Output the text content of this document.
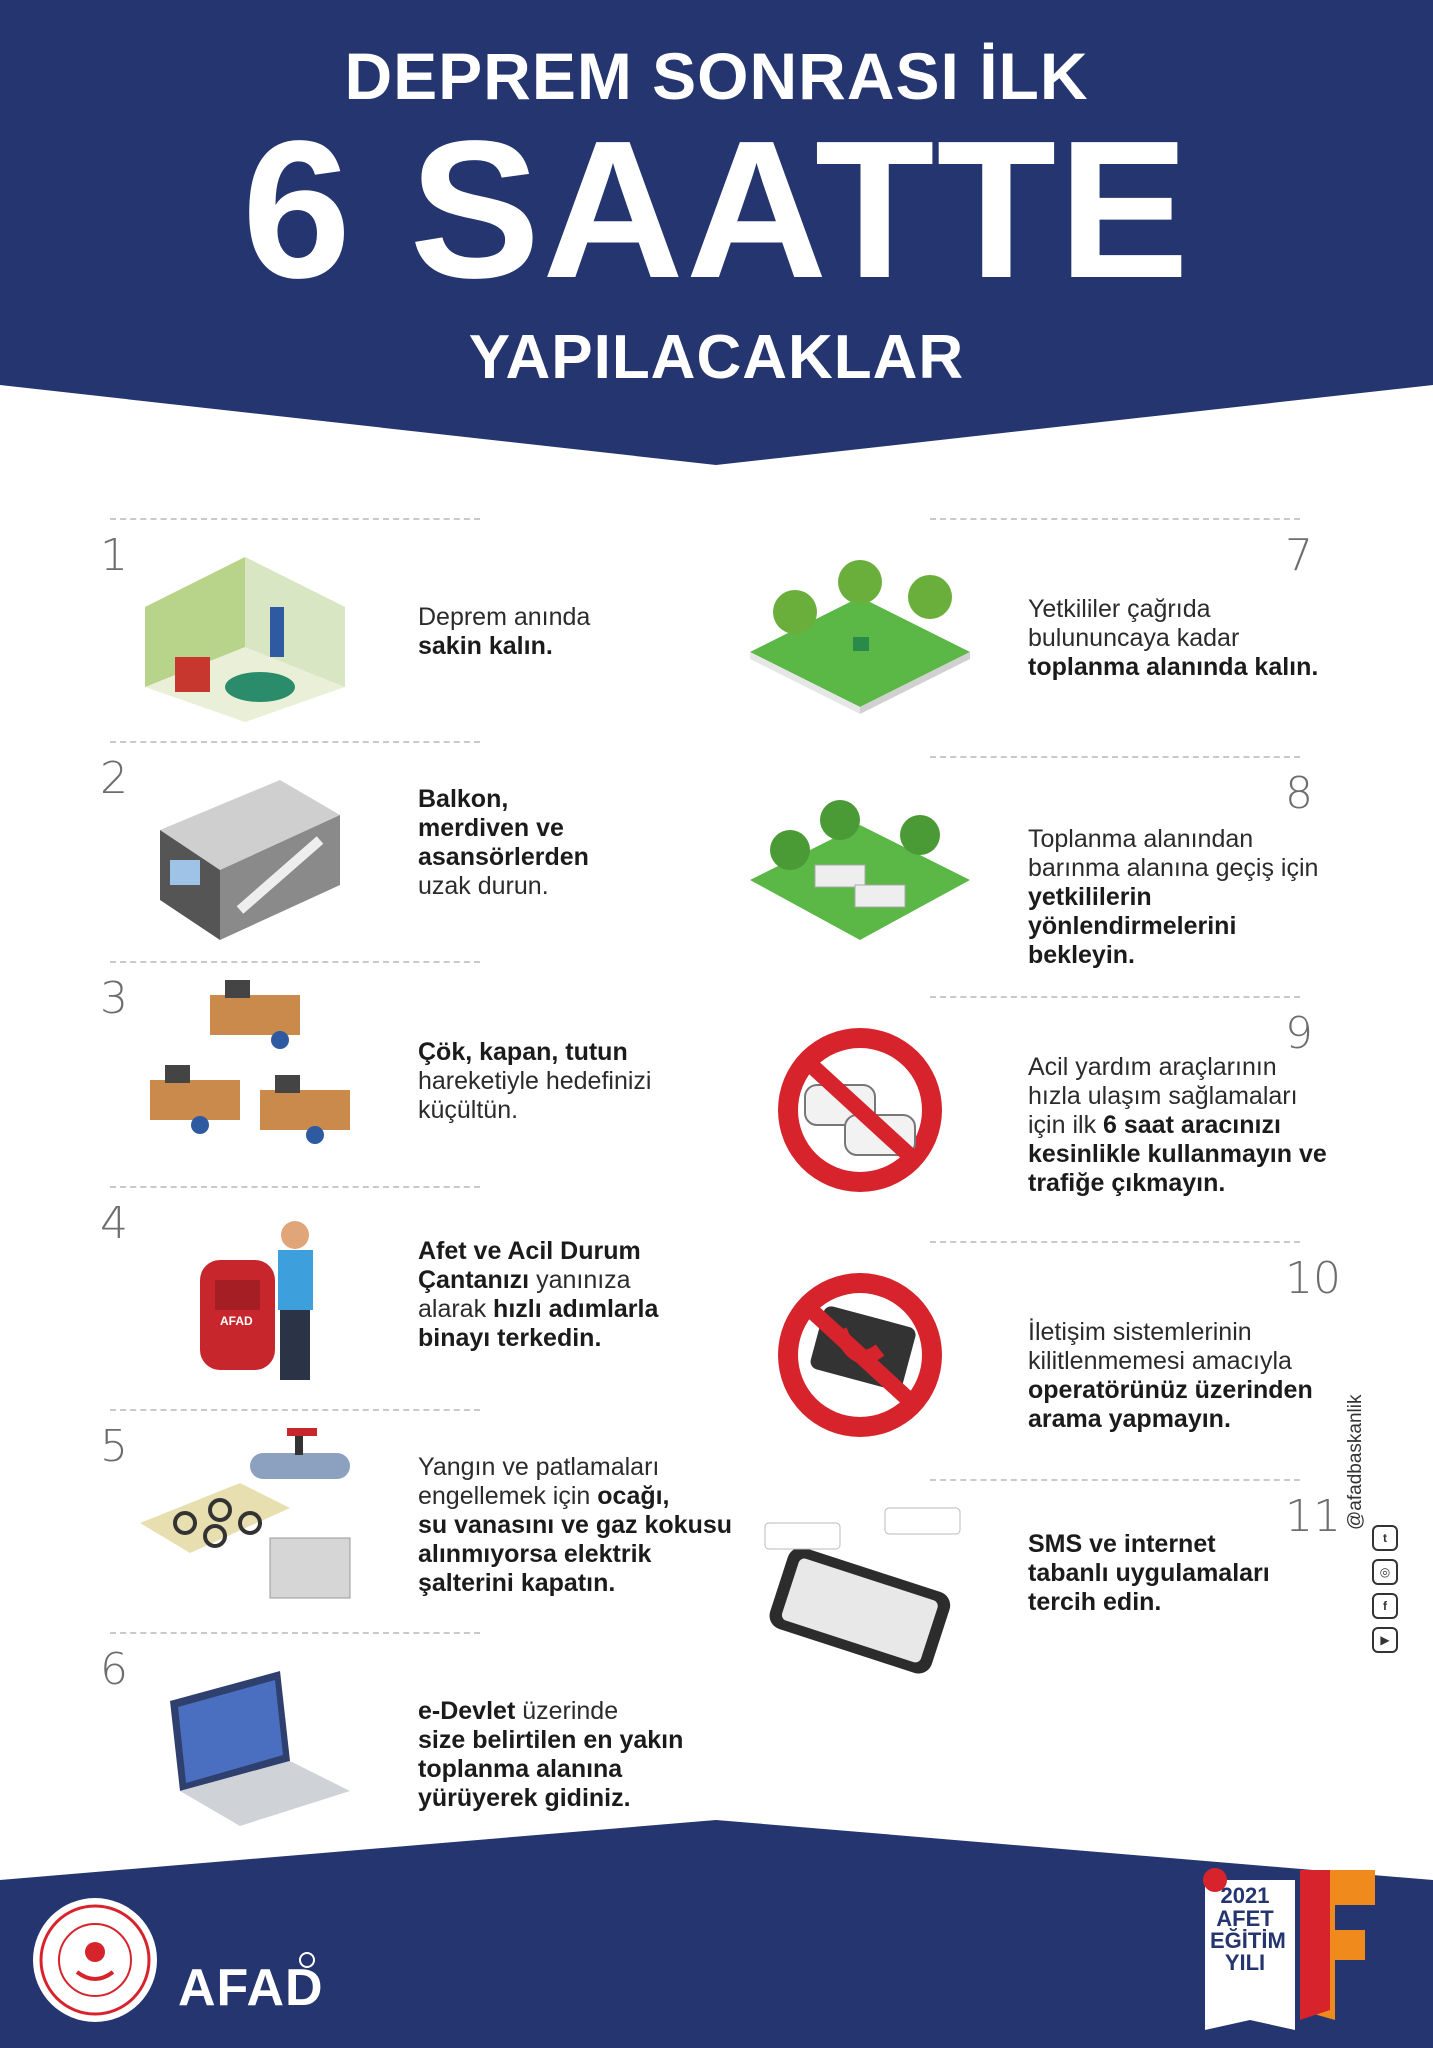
DEPREM SONRASI İLK
6 SAATTE
YAPILACAKLAR
1
Deprem anında
sakin kalın.
2	Balkon,
merdiven ve
asansörlerden
uzak durun.
3
Çök, kapan, tutun
hareketiyle hedefinizi
küçültün.
4
AFAD
Afet ve Acil Durum
Çantanızı yanınıza
alarak hızlı adımlarla
binayı terkedin.
5	Yangın ve patlamaları
engellemek için ocağı,
su vanasını ve gaz kokusu
alınmıyorsa elektrik
şalterini kapatın.
6
e-Devlet üzerinde
size belirtilen en yakın
toplanma alanına
yürüyerek gidiniz.
7
Yetkililer çağrıda
bulununcaya kadar
toplanma alanında kalın.
8
Toplanma alanından
barınma alanına geçiş için
yetkililerin yönlendirmelerini
bekleyin.
9
Acil yardım araçlarının
hızla ulaşım sağlamaları
için ilk 6 saat aracınızı
kesinlikle kullanmayın ve
trafiğe çıkmayın.
10
İletişim sistemlerinin
kilitlenmemesi amacıyla
operatörünüz üzerinden
arama yapmayın.
11
SMS ve internet
tabanlı uygulamaları
tercih edin.
@afadbaskanlik
t
◎
f
▶
AFAD
2021
AFET
EĞİTİM
YILI
